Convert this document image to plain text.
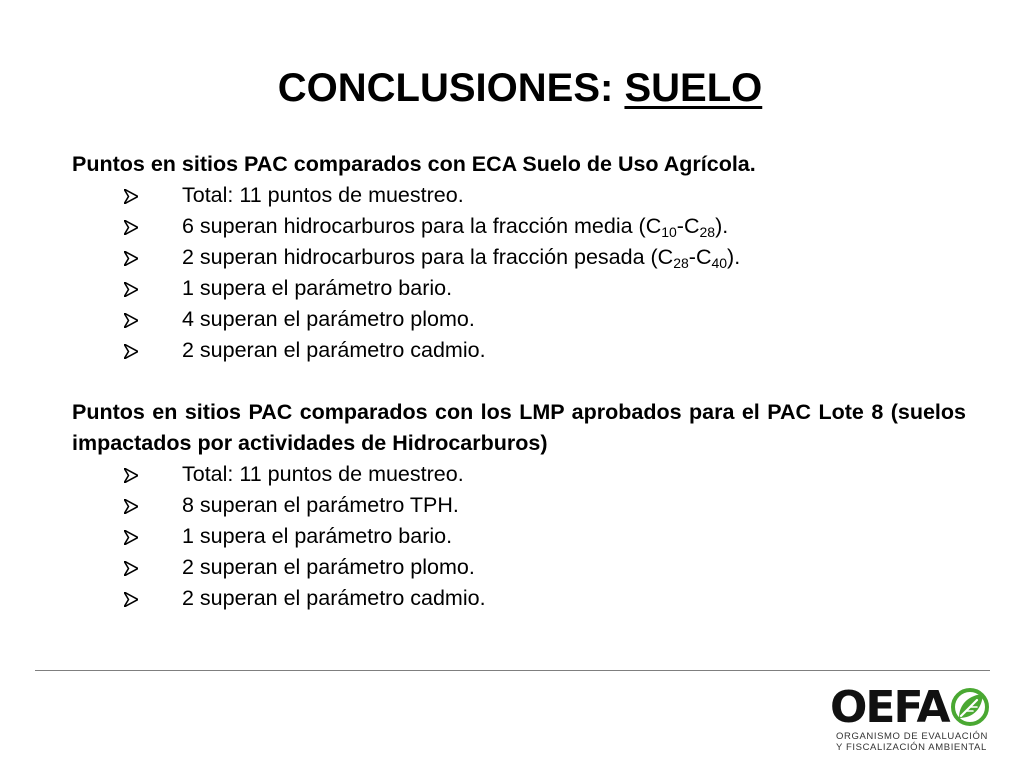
CONCLUSIONES: SUELO

Puntos en sitios PAC comparados con ECA Suelo de Uso Agrícola.

Total: 11 puntos de muestreo.
6 superan hidrocarburos para la fracción media $(C_{10}-C_{28})$.
2 superan hidrocarburos para la fracción pesada $(C_{28}-C_{40})$.
1 supera el parámetro bario.
4 superan el parámetro plomo.
2 superan el parámetro cadmio.

Puntos en sitios PAC comparados con los LMP aprobados para el PAC Lote 8 (suelos impactados por actividades de Hidrocarburos)

Total: 11 puntos de muestreo.
8 superan el parámetro TPH.
1 supera el parámetro bario.
2 superan el parámetro plomo.
2 superan el parámetro cadmio.
OEFA
ORGANISMO DE EVALUACIÓN
Y FISCALIZACIÓN AMBIENTAL
